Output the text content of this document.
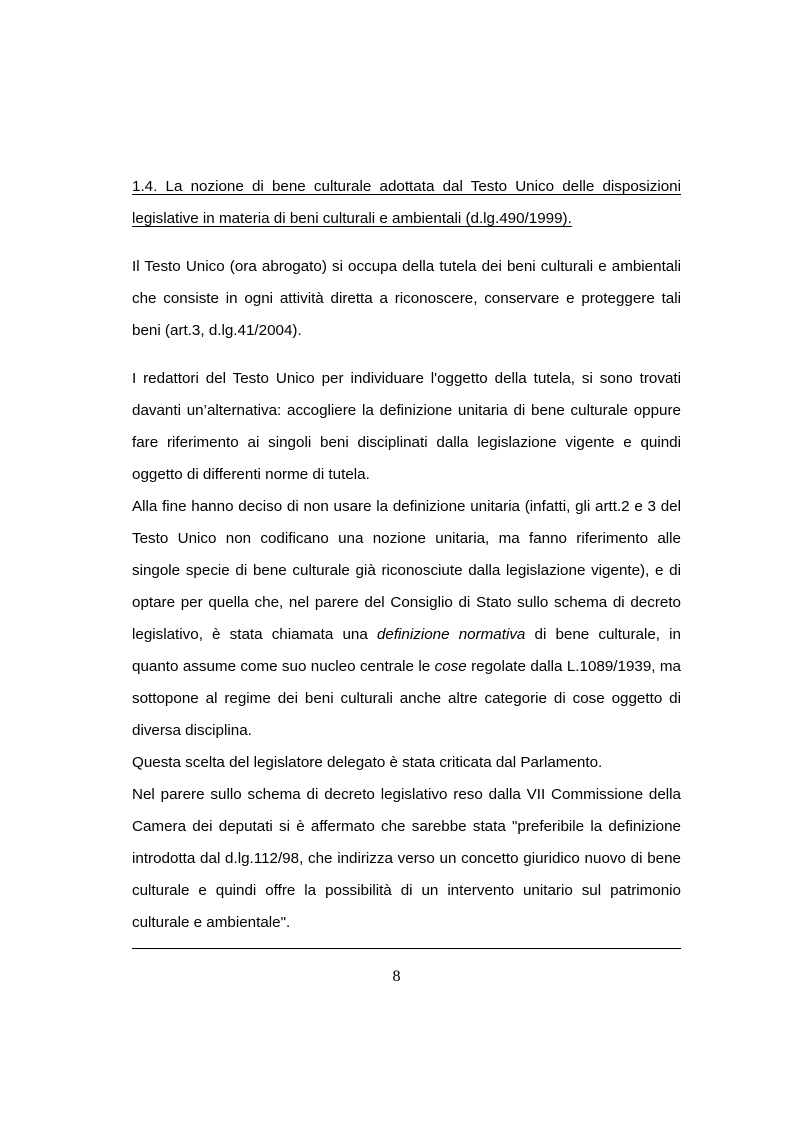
1.4. La nozione di bene culturale adottata dal Testo Unico delle disposizioni legislative in materia di beni culturali e ambientali (d.lg.490/1999).

Il Testo Unico (ora abrogato) si occupa della tutela dei beni culturali e ambientali che consiste in ogni attività diretta a riconoscere, conservare e proteggere tali beni (art.3, d.lg.41/2004).

I redattori del Testo Unico per individuare l'oggetto della tutela, si sono trovati davanti un’alternativa: accogliere la definizione unitaria di bene culturale oppure fare riferimento ai singoli beni disciplinati dalla legislazione vigente e quindi oggetto di differenti norme di tutela.

Alla fine hanno deciso di non usare la definizione unitaria (infatti, gli artt.2 e 3 del Testo Unico non codificano una nozione unitaria, ma fanno riferimento alle singole specie di bene culturale già riconosciute dalla legislazione vigente), e di optare per quella che, nel parere del Consiglio di Stato sullo schema di decreto legislativo, è stata chiamata una definizione normativa di bene culturale, in quanto assume come suo nucleo centrale le cose regolate dalla L.1089/1939, ma sottopone al regime dei beni culturali anche altre categorie di cose oggetto di diversa disciplina.

Questa scelta del legislatore delegato è stata criticata dal Parlamento.

Nel parere sullo schema di decreto legislativo reso dalla VII Commissione della Camera dei deputati si è affermato che sarebbe stata "preferibile la definizione introdotta dal d.lg.112/98, che indirizza verso un concetto giuridico nuovo di bene culturale e quindi offre la possibilità di un intervento unitario sul patrimonio culturale e ambientale".

8
